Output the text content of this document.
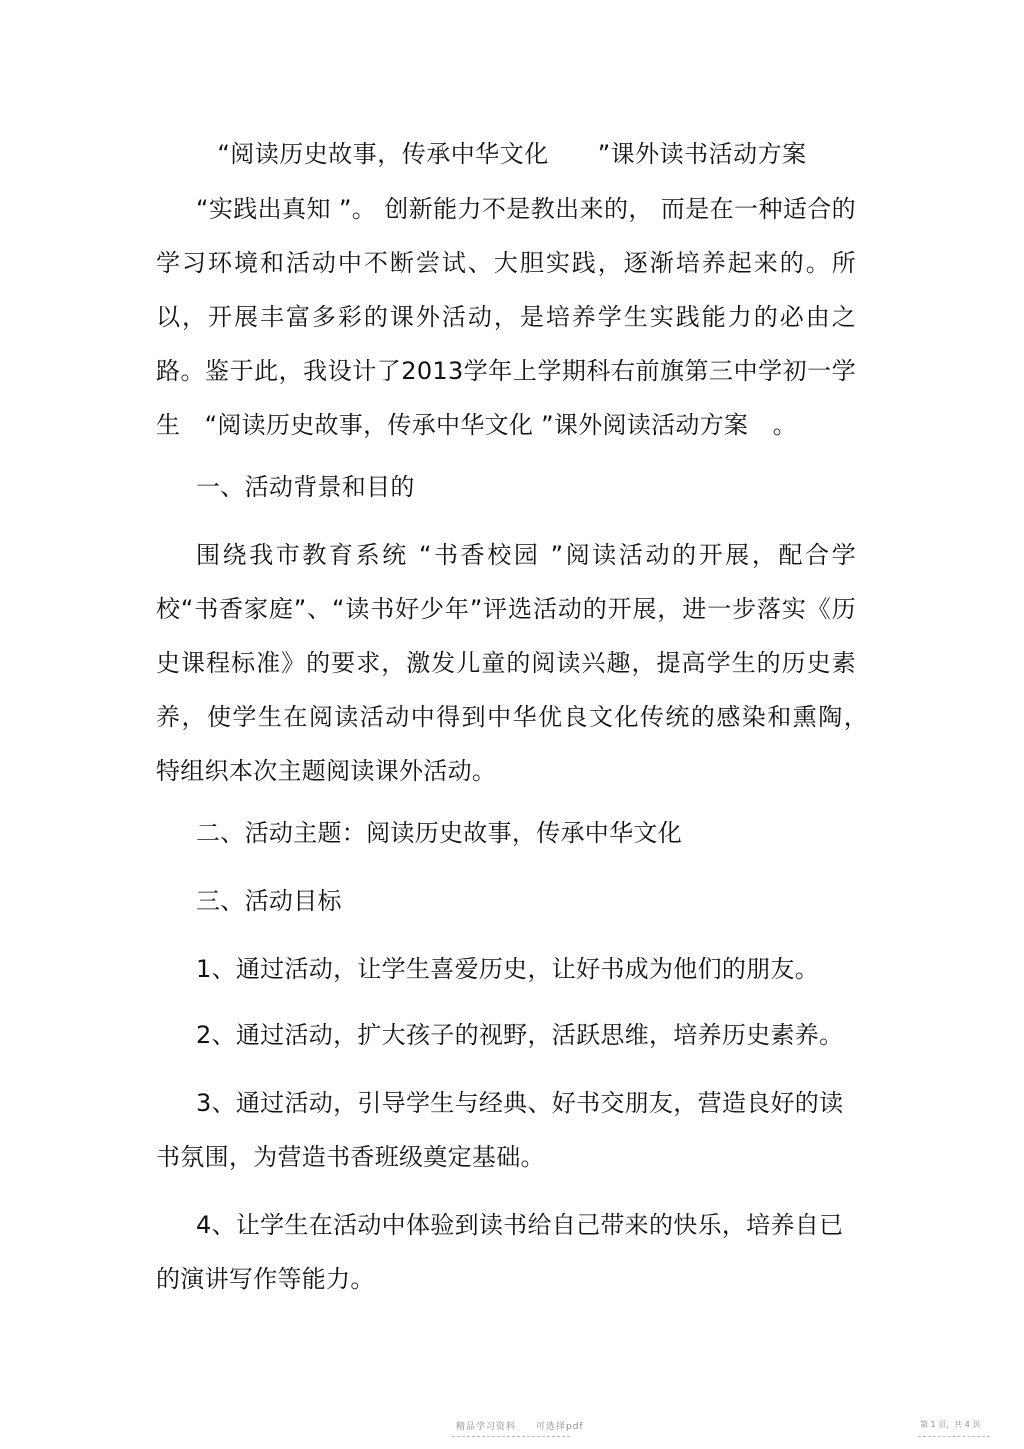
“阅读历史故事，传承中华文化　　”课外读书活动方案

“实践出真知 ”。 创新能力不是教出来的， 而是在一种适合的学习环境和活动中不断尝试、大胆实践，逐渐培养起来的。所以，开展丰富多彩的课外活动，是培养学生实践能力的必由之路。鉴于此，我设计了2013学年上学期科右前旗第三中学初一学生　“阅读历史故事，传承中华文化 ”课外阅读活动方案　。

一、活动背景和目的

围绕我市教育系统 “书香校园 ”阅读活动的开展，配合学校“书香家庭”、“读书好少年”评选活动的开展，进一步落实《历史课程标准》的要求，激发儿童的阅读兴趣，提高学生的历史素养，使学生在阅读活动中得到中华优良文化传统的感染和熏陶，　特组织本次主题阅读课外活动。

二、活动主题：阅读历史故事，传承中华文化
三、活动目标

1、通过活动，让学生喜爱历史，让好书成为他们的朋友。

2、通过活动，扩大孩子的视野，活跃思维，培养历史素养。

3、通过活动，引导学生与经典、好书交朋友，营造良好的读书氛围，为营造书香班级奠定基础。

4、让学生在活动中体验到读书给自己带来的快乐，培养自已的演讲写作等能力。

精品学习资料　　可选择pdf	第 1 页，共 4 页
